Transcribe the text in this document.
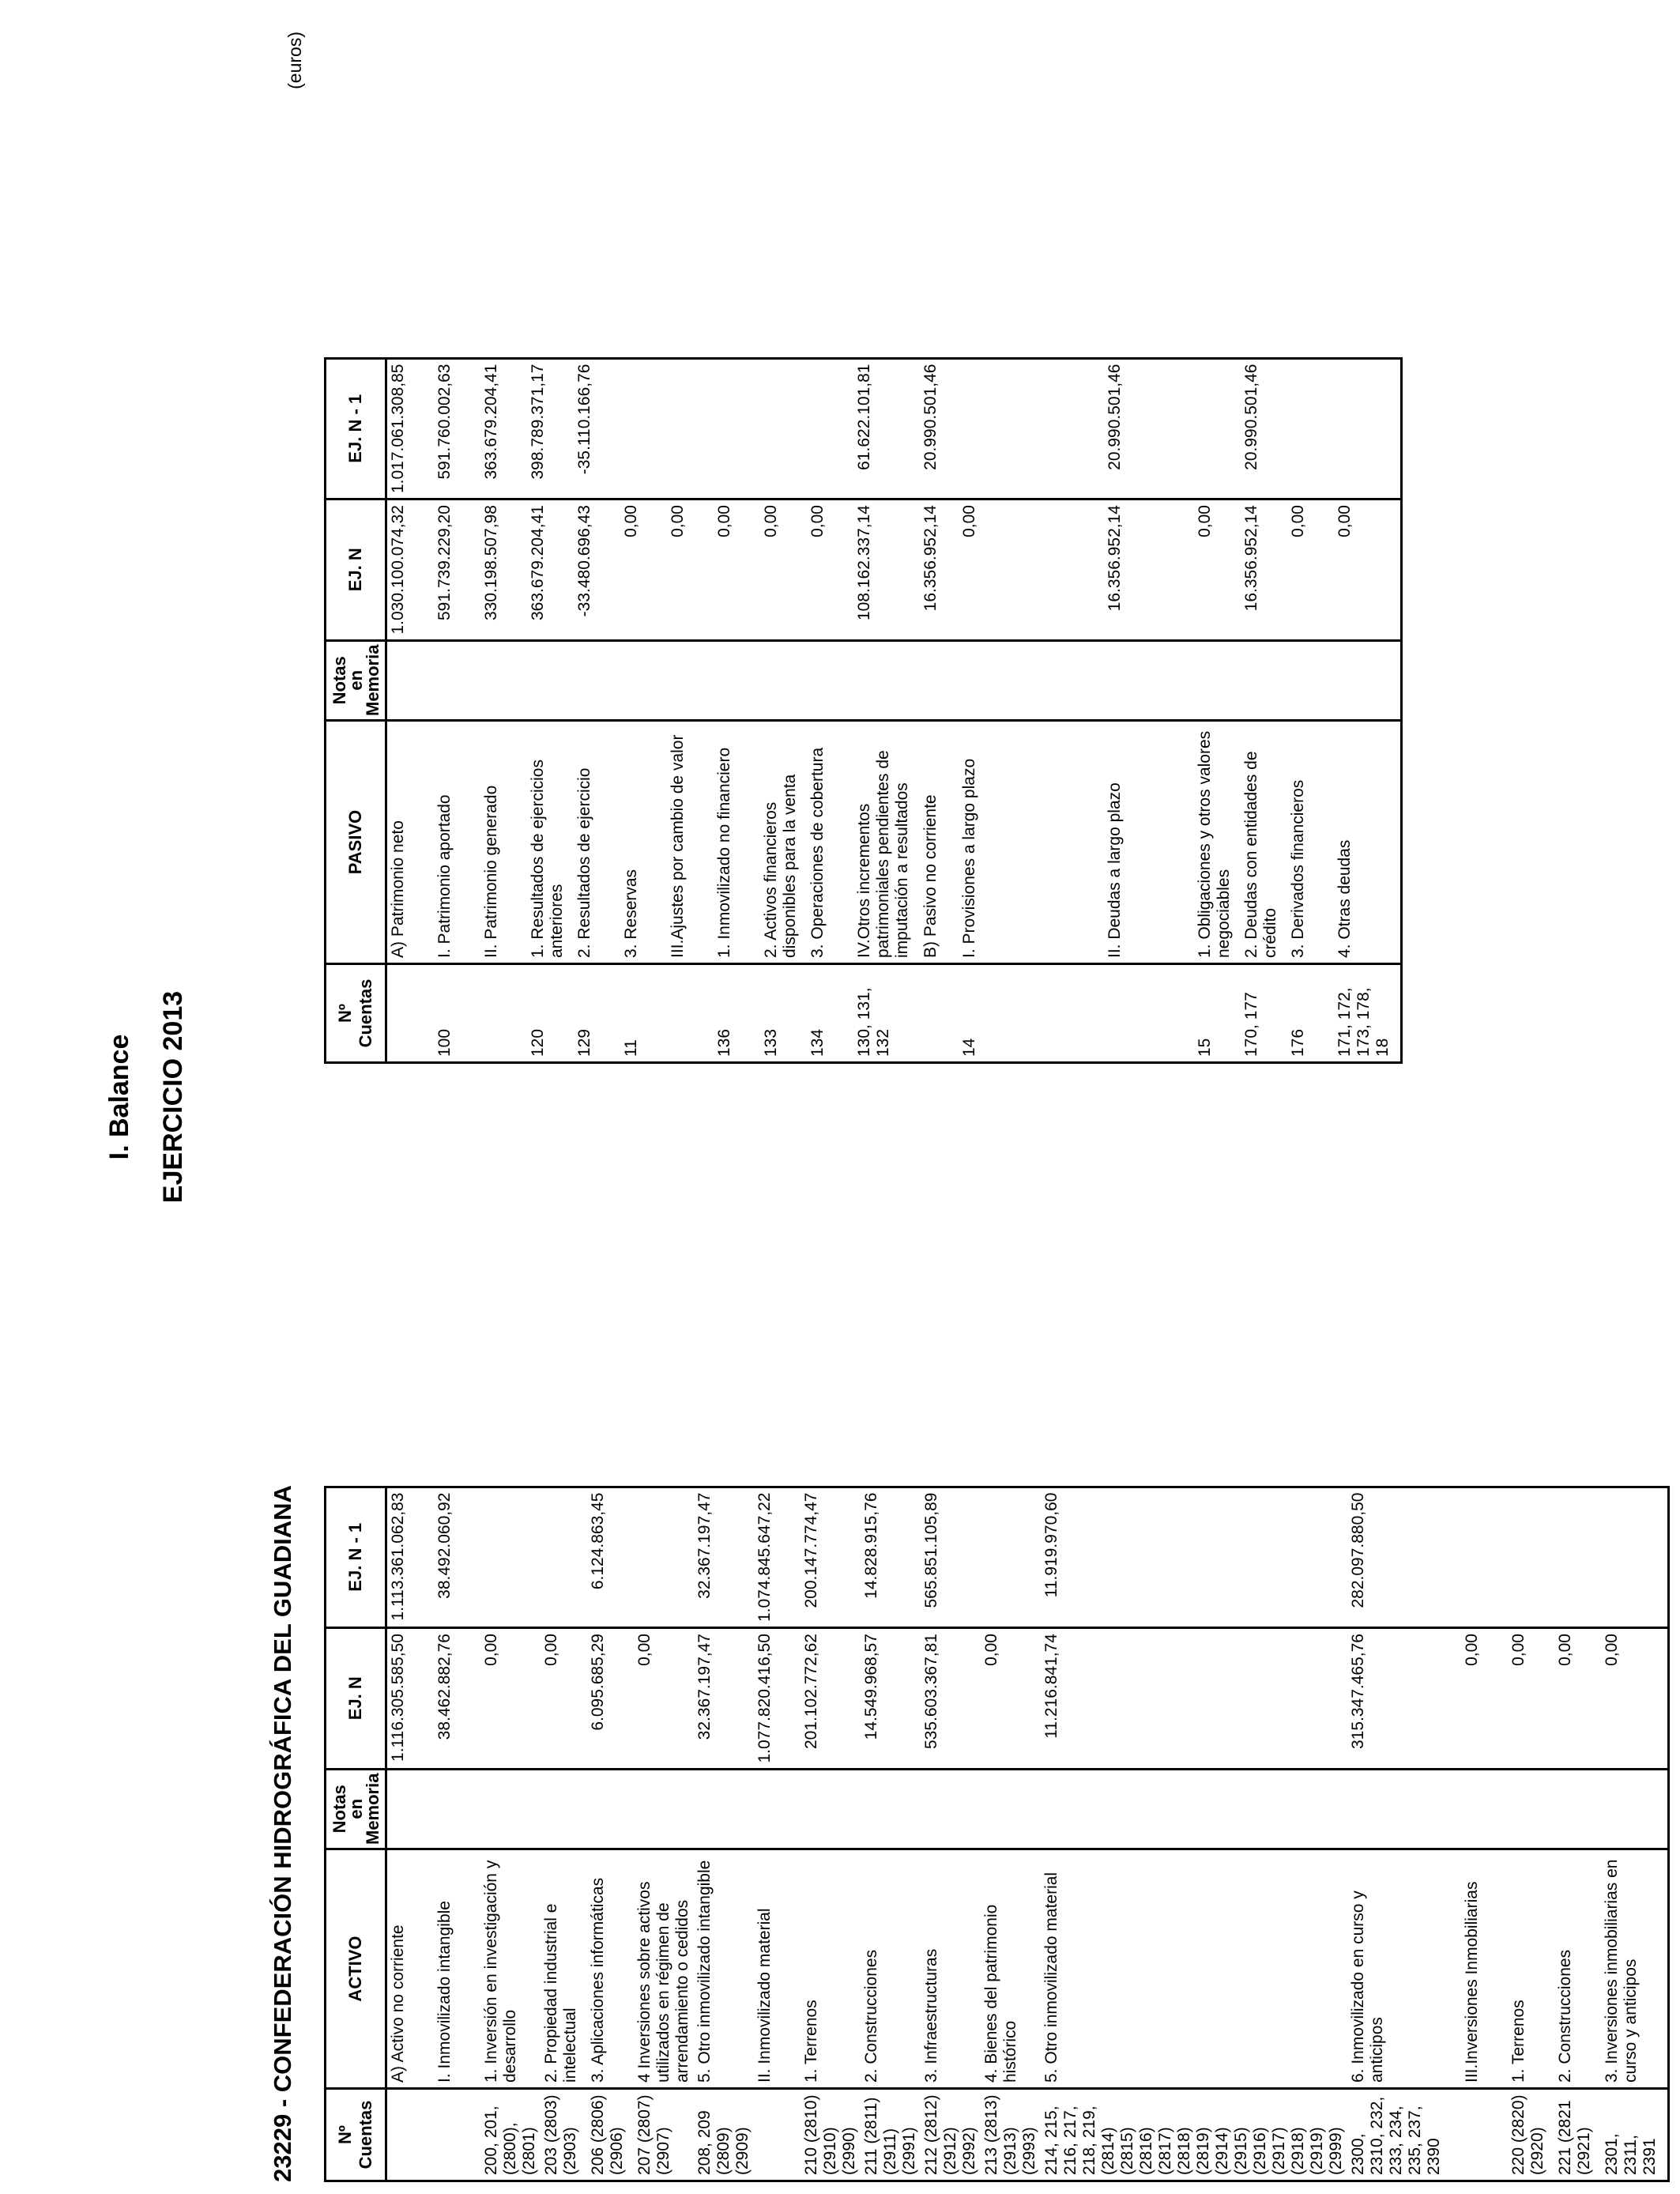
I. Balance EJERCICIO 2013
23229 - CONFEDERACIÓN HIDROGRÁFICA DEL GUADIANA
(euros)
Nº Cuentas	ACTIVO	Notas en Memoria	EJ. N	EJ. N - 1
	A) Activo no corriente		1.116.305.585,50	1.113.361.062,83
	I. Inmovilizado intangible		38.462.882,76	38.492.060,92
200, 201, (2800), (2801)	1. Inversión en investigación y desarrollo		0,00	
203 (2803) (2903)	2. Propiedad industrial e intelectual		0,00	
206 (2806) (2906)	3. Aplicaciones informáticas		6.095.685,29	6.124.863,45
207 (2807) (2907)	4 Inversiones sobre activos utilizados en régimen de arrendamiento o cedidos		0,00	
208, 209 (2809) (2909)	5. Otro inmovilizado intangible		32.367.197,47	32.367.197,47
	II. Inmovilizado material		1.077.820.416,50	1.074.845.647,22
210 (2810) (2910) (2990)	1. Terrenos		201.102.772,62	200.147.774,47
211 (2811) (2911) (2991)	2. Construcciones		14.549.968,57	14.828.915,76
212 (2812) (2912) (2992)	3. Infraestructuras		535.603.367,81	565.851.105,89
213 (2813) (2913) (2993)	4. Bienes del patrimonio histórico		0,00	
214, 215, 216, 217, 218, 219, (2814) (2815) (2816) (2817) (2818) (2819) (2914) (2915) (2916) (2917) (2918) (2919) (2999)	5. Otro inmovilizado material		11.216.841,74	11.919.970,60
2300, 2310, 232, 233, 234, 235, 237, 2390	6. Inmovilizado en curso y anticipos		315.347.465,76	282.097.880,50
	III.Inversiones Inmobiliarias		0,00	
220 (2820) (2920)	1. Terrenos		0,00	
221 (2821 (2921)	2. Construcciones		0,00	
2301, 2311, 2391	3. Inversiones inmobiliarias en curso y anticipos		0,00	
Nº Cuentas	PASIVO	Notas en Memoria	EJ. N	EJ. N - 1
	A) Patrimonio neto		1.030.100.074,32	1.017.061.308,85
100	I. Patrimonio aportado		591.739.229,20	591.760.002,63
	II. Patrimonio generado		330.198.507,98	363.679.204,41
120	1. Resultados de ejercicios anteriores		363.679.204,41	398.789.371,17
129	2. Resultados de ejercicio		-33.480.696,43	-35.110.166,76
11	3. Reservas		0,00	
	III.Ajustes por cambio de valor		0,00	
136	1. Inmovilizado no financiero		0,00	
133	2. Activos financieros disponibles para la venta		0,00	
134	3. Operaciones de cobertura		0,00	
130, 131, 132	IV.Otros incrementos patrimoniales pendientes de imputación a resultados		108.162.337,14	61.622.101,81
	B) Pasivo no corriente		16.356.952,14	20.990.501,46
14	I. Provisiones a largo plazo		0,00	
	II. Deudas a largo plazo		16.356.952,14	20.990.501,46
15	1. Obligaciones y otros valores negociables		0,00	
170, 177	2. Deudas con entidades de crédito		16.356.952,14	20.990.501,46
176	3. Derivados financieros		0,00	
171, 172, 173, 178, 18	4. Otras deudas		0,00	
